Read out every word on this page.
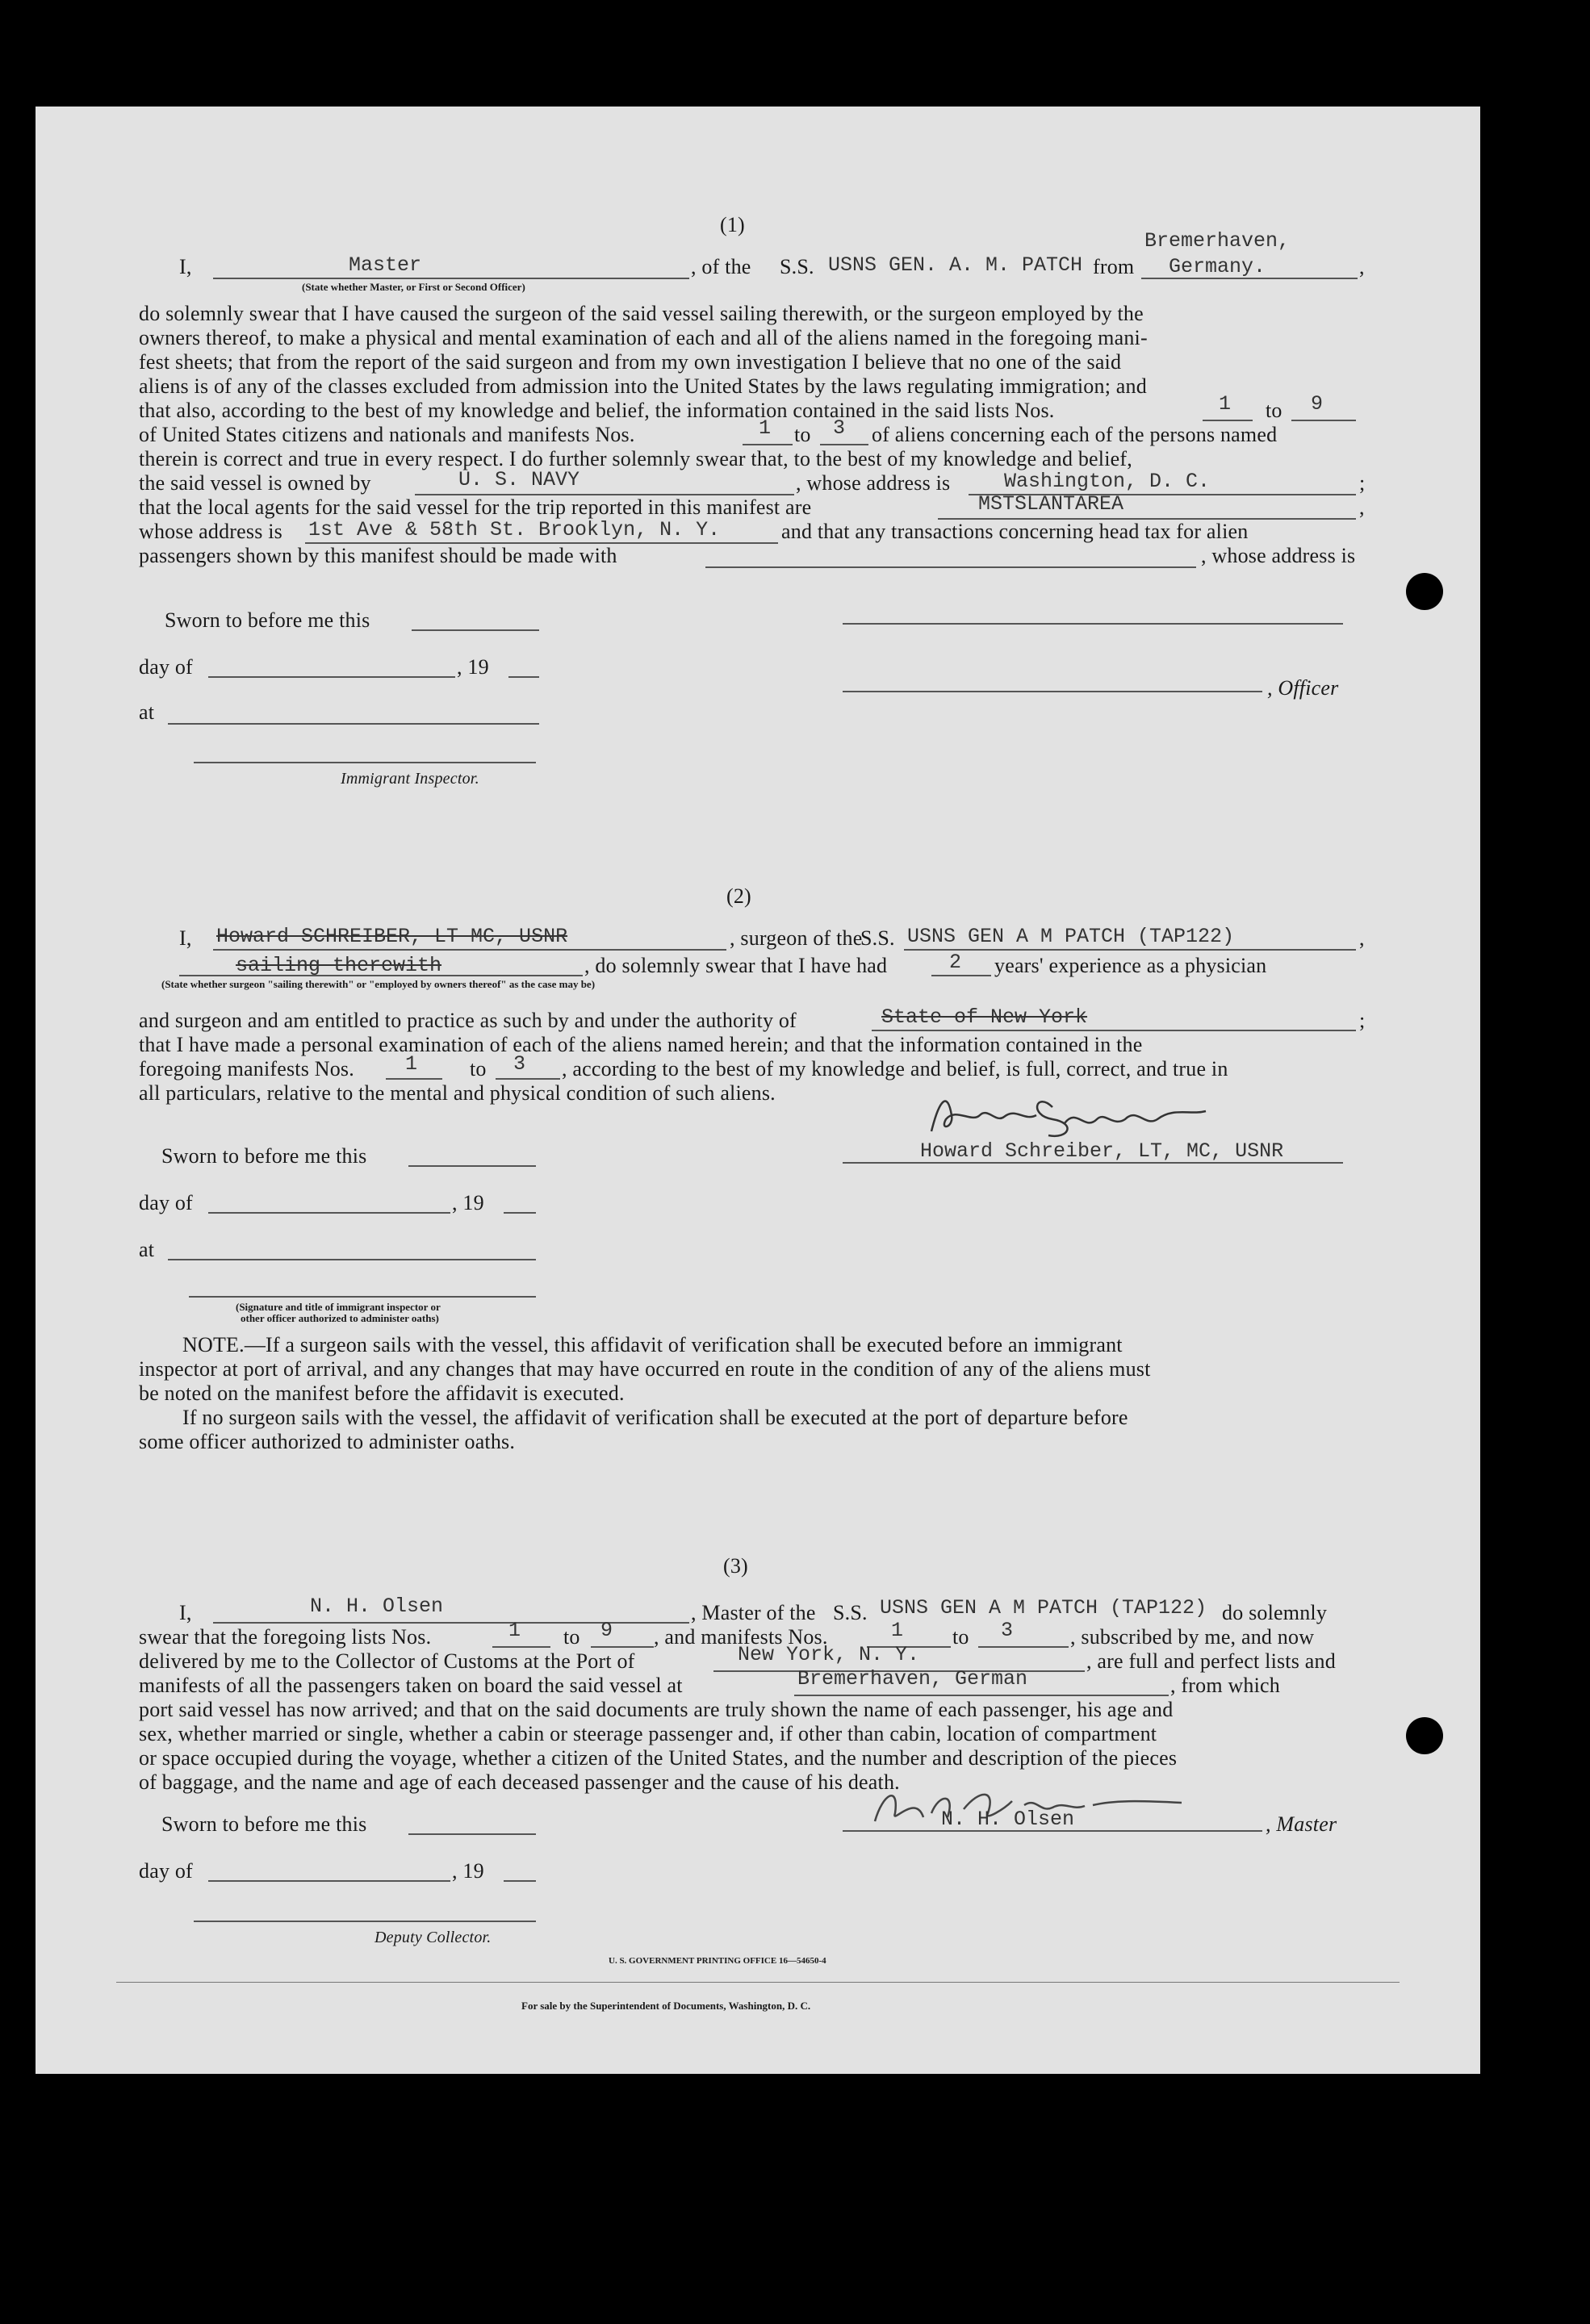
(1)
Bremerhaven,
I,	Master	, of the S.S. USNS GEN. A. M. PATCH from Germany.	,
(State whether Master, or First or Second Officer)
do solemnly swear that I have caused the surgeon of the said vessel sailing therewith, or the surgeon employed by the
owners thereof, to make a physical and mental examination of each and all of the aliens named in the foregoing mani-
fest sheets; that from the report of the said surgeon and from my own investigation I believe that no one of the said
aliens is of any of the classes excluded from admission into the United States by the laws regulating immigration; and
that also, according to the best of my knowledge and belief, the information contained in the said lists Nos.	1 to 9
of United States citizens and nationals and manifests Nos.	1 to 3 of aliens concerning each of the persons named
therein is correct and true in every respect. I do further solemnly swear that, to the best of my knowledge and belief,
the said vessel is owned by	U. S. NAVY	, whose address is	Washington, D. C.	;
that the local agents for the said vessel for the trip reported in this manifest are	MSTSLANTAREA	,
whose address is 1st Ave & 58th St. Brooklyn, N. Y.	and that any transactions concerning head tax for alien
passengers shown by this manifest should be made with	, whose address is
Sworn to before me this
day of	, 19
, Officer
at
Immigrant Inspector.
(2)
I, Howard SCHREIBER, LT MC, USNR	, surgeon of the
S.S. USNS GEN A M PATCH (TAP122)	,
sailing therewith	, do solemnly swear that I have had	2 years' experience as a physician
(State whether surgeon "sailing therewith" or "employed by owners thereof" as the case may be)
and surgeon and am entitled to practice as such by and under the authority of	State of New York	;
that I have made a personal examination of each of the aliens named herein; and that the information contained in the
foregoing manifests Nos.	1 to 3 , according to the best of my knowledge and belief, is full, correct, and true in
all particulars, relative to the mental and physical condition of such aliens.
Howard Schreiber, LT, MC, USNR
Sworn to before me this
day of	, 19
at
(Signature and title of immigrant inspector or
other officer authorized to administer oaths)
NOTE.—If a surgeon sails with the vessel, this affidavit of verification shall be executed before an immigrant
inspector at port of arrival, and any changes that may have occurred en route in the condition of any of the aliens must
be noted on the manifest before the affidavit is executed.
If no surgeon sails with the vessel, the affidavit of verification shall be executed at the port of departure before
some officer authorized to administer oaths.
(3)
I,	N. H. Olsen	, Master of the S.S. USNS GEN A M PATCH (TAP122) do solemnly
swear that the foregoing lists Nos.	1 to 9 , and manifests Nos.	1 to 3	, subscribed by me, and now
delivered by me to the Collector of Customs at the Port of	New York, N. Y.	, are full and perfect lists and
manifests of all the passengers taken on board the said vessel at	Bremerhaven, German	, from which
port said vessel has now arrived; and that on the said documents are truly shown the name of each passenger, his age and
sex, whether married or single, whether a cabin or steerage passenger and, if other than cabin, location of compartment
or space occupied during the voyage, whether a citizen of the United States, and the number and description of the pieces
of baggage, and the name and age of each deceased passenger and the cause of his death.
Sworn to before me this	N. H. Olsen	, Master
day of	, 19
Deputy Collector.
U. S. GOVERNMENT PRINTING OFFICE 16—54650-4
For sale by the Superintendent of Documents, Washington, D. C.
